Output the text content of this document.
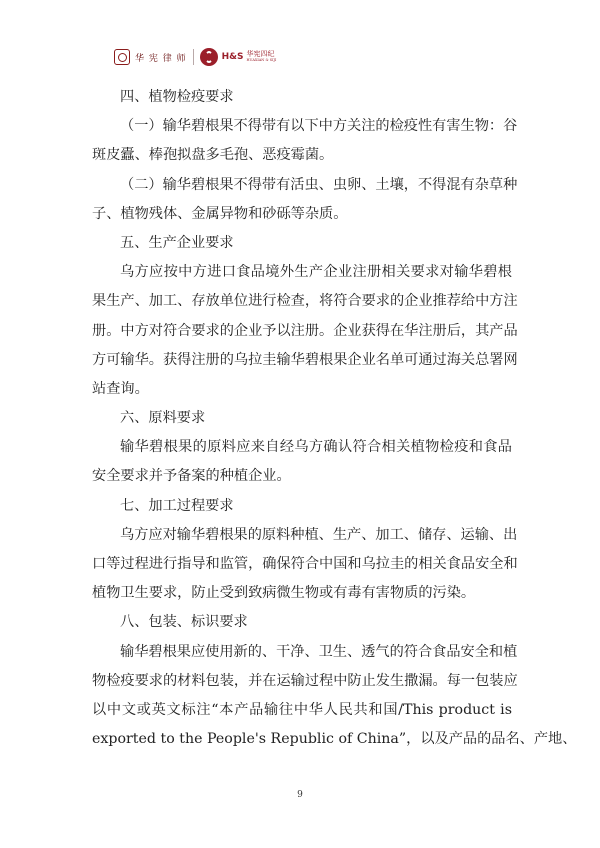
华 宪 律 师	H&S 华宪四纪
HUAXIAN & SIJI
四、植物检疫要求
（一）输华碧根果不得带有以下中方关注的检疫性有害生物：谷
斑皮蠹、棒孢拟盘多毛孢、恶疫霉菌。
（二）输华碧根果不得带有活虫、虫卵、土壤，不得混有杂草种
子、植物残体、金属异物和砂砾等杂质。
五、生产企业要求
乌方应按中方进口食品境外生产企业注册相关要求对输华碧根
果生产、加工、存放单位进行检查，将符合要求的企业推荐给中方注
册。中方对符合要求的企业予以注册。企业获得在华注册后，其产品
方可输华。获得注册的乌拉圭输华碧根果企业名单可通过海关总署网
站查询。
六、原料要求
输华碧根果的原料应来自经乌方确认符合相关植物检疫和食品
安全要求并予备案的种植企业。
七、加工过程要求
乌方应对输华碧根果的原料种植、生产、加工、储存、运输、出
口等过程进行指导和监管，确保符合中国和乌拉圭的相关食品安全和
植物卫生要求，防止受到致病微生物或有毒有害物质的污染。
八、包装、标识要求
输华碧根果应使用新的、干净、卫生、透气的符合食品安全和植
物检疫要求的材料包装，并在运输过程中防止发生撒漏。每一包装应
以中文或英文标注“本产品输往中华人民共和国/This product is
exported to the People's Republic of China”，以及产品的品名、产地、
9
